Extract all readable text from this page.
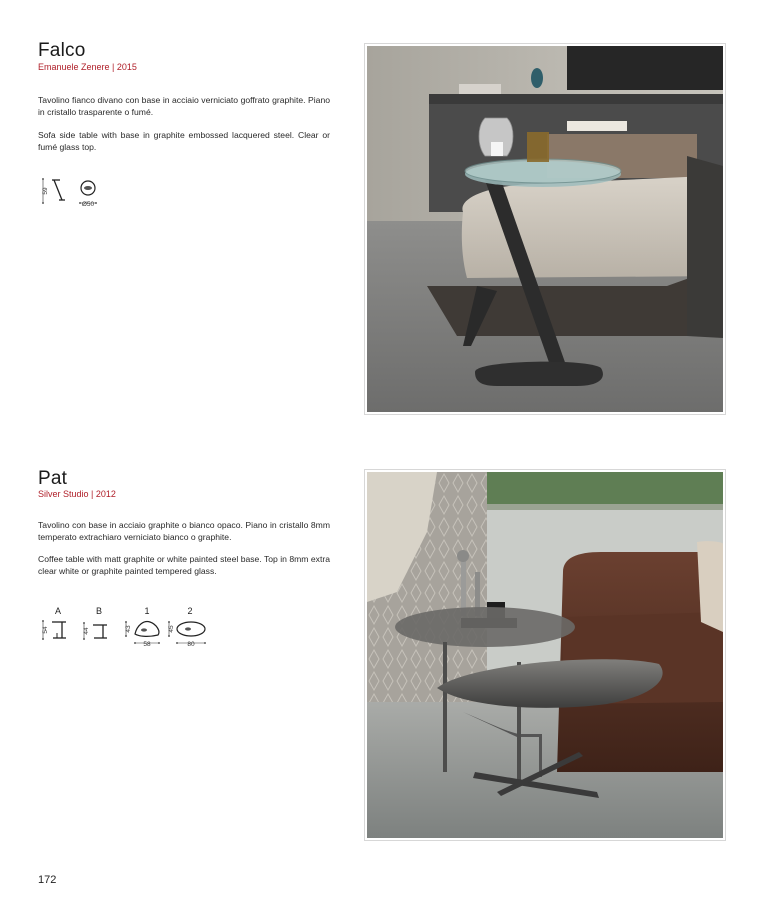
Falco
Emanuele Zenere | 2015

Tavolino fianco divano con base in acciaio verniciato goffrato graphite. Piano in cristallo trasparente o fumé.

Sofa side table with base in graphite embossed lacquered steel. Clear or fumé glass top.

59
Ø50
Pat
Silver Studio | 2012

Tavolino con base in acciaio graphite o bianco opaco. Piano in cristallo 8mm temperato extrachiaro verniciato bianco o graphite.

Coffee table with matt graphite or white painted steel base. Top in 8mm extra clear white or graphite painted tempered glass.

A
54
B
44
1
43
58
2
45
80
172
